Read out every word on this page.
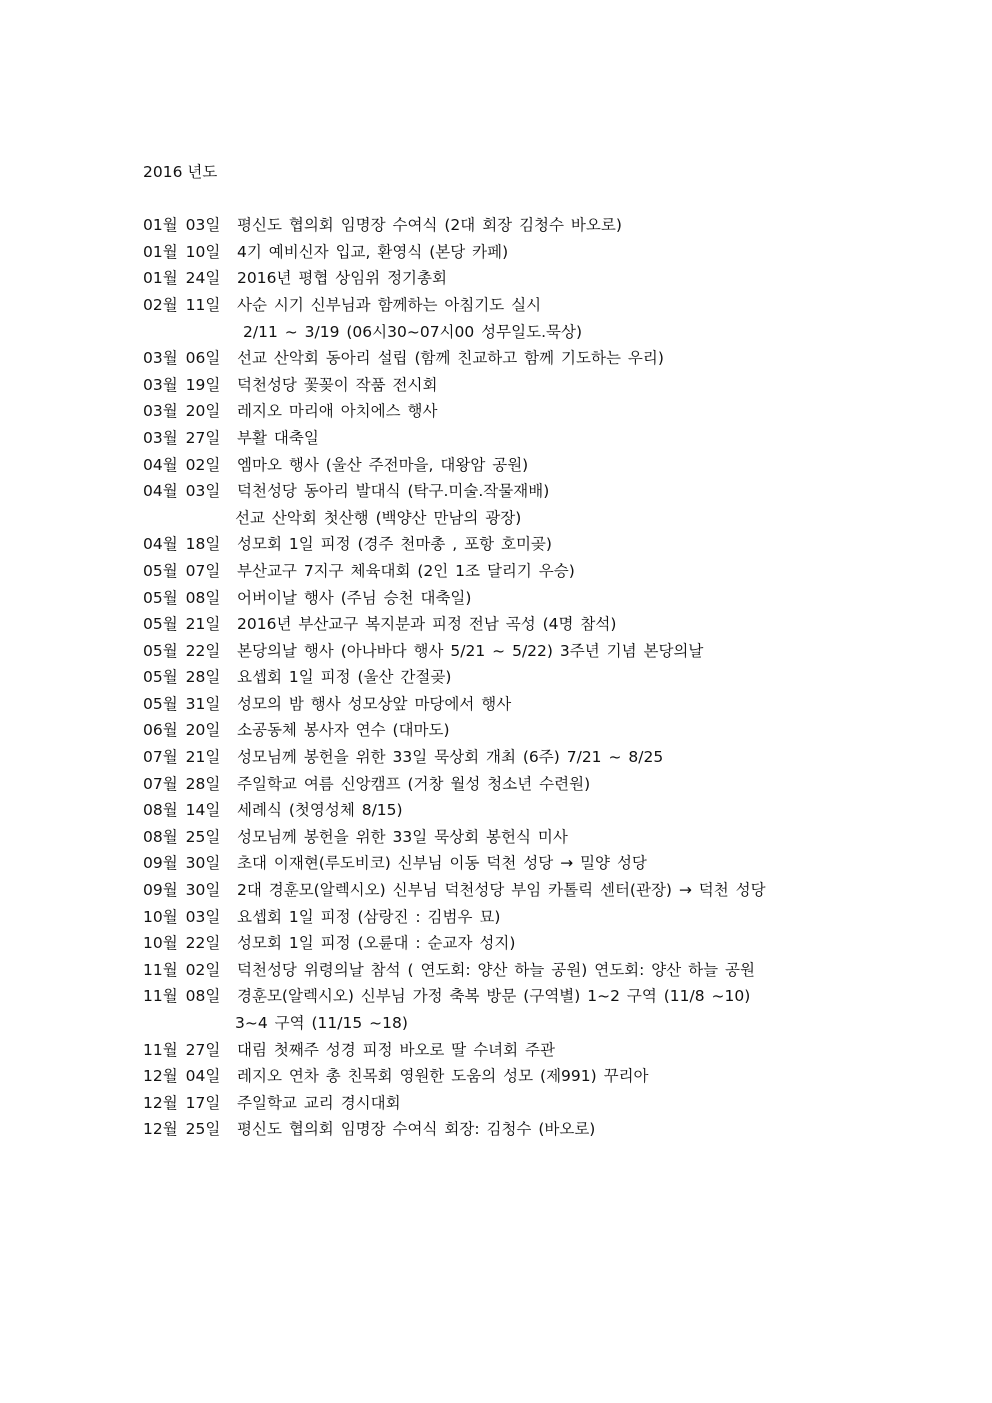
2016 년도
01월 03일 평신도 협의회 임명장 수여식 (2대 회장 김청수 바오로)
01월 10일 4기 예비신자 입교, 환영식 (본당 카페)
01월 24일 2016년 평협 상임위 정기총회
02월 11일 사순 시기 신부님과 함께하는 아침기도 실시
2/11 ~ 3/19 (06시30~07시00 성무일도.묵상)
03월 06일 선교 산악회 동아리 설립 (함께 친교하고 함께 기도하는 우리)
03월 19일 덕천성당 꽃꽂이 작품 전시회
03월 20일 레지오 마리애 아치에스 행사
03월 27일 부활 대축일
04월 02일 엠마오 행사 (울산 주전마을, 대왕암 공원)
04월 03일 덕천성당 동아리 발대식 (탁구.미술.작물재배)
선교 산악회 첫산행 (백양산 만남의 광장)
04월 18일 성모회 1일 피정 (경주 천마총 , 포항 호미곶)
05월 07일 부산교구 7지구 체육대회 (2인 1조 달리기 우승)
05월 08일 어버이날 행사 (주님 승천 대축일)
05월 21일 2016년 부산교구 복지분과 피정 전남 곡성 (4명 참석)
05월 22일 본당의날 행사 (아나바다 행사 5/21 ~ 5/22) 3주년 기념 본당의날
05월 28일 요셉회 1일 피정 (울산 간절곶)
05월 31일 성모의 밤 행사 성모상앞 마당에서 행사
06월 20일 소공동체 봉사자 연수 (대마도)
07월 21일 성모님께 봉헌을 위한 33일 묵상회 개최 (6주) 7/21 ~ 8/25
07월 28일 주일학교 여름 신앙캠프 (거창 월성 청소년 수련원)
08월 14일 세례식 (첫영성체 8/15)
08월 25일 성모님께 봉헌을 위한 33일 묵상회 봉헌식 미사
09월 30일 초대 이재현(루도비코) 신부님 이동 덕천 성당 → 밀양 성당
09월 30일 2대 경훈모(알렉시오) 신부님 덕천성당 부임 카톨릭 센터(관장) → 덕천 성당
10월 03일 요셉회 1일 피정 (삼랑진 : 김범우 묘)
10월 22일 성모회 1일 피정 (오륜대 : 순교자 성지)
11월 02일 덕천성당 위령의날 참석 ( 연도회: 양산 하늘 공원) 연도회: 양산 하늘 공원
11월 08일 경훈모(알렉시오) 신부님 가정 축복 방문 (구역별) 1~2 구역 (11/8 ~10)
3~4 구역 (11/15 ~18)
11월 27일 대림 첫째주 성경 피정 바오로 딸 수녀회 주관
12월 04일 레지오 연차 총 친목회 영원한 도움의 성모 (제991) 꾸리아
12월 17일 주일학교 교리 경시대회
12월 25일 평신도 협의회 임명장 수여식 회장: 김청수 (바오로)
